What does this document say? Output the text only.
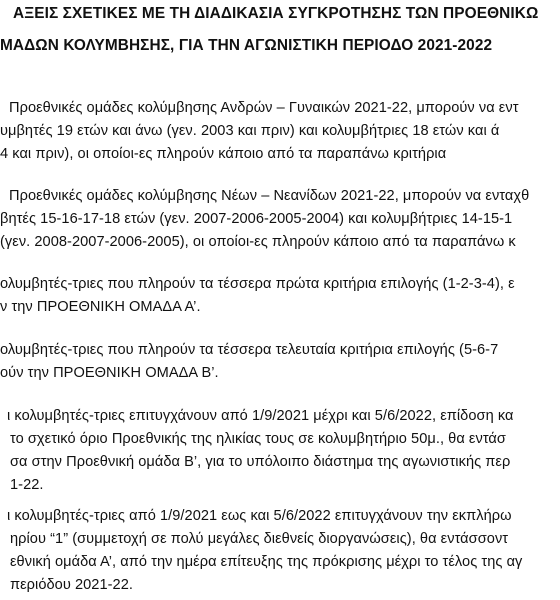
ΑΞΕΙΣ ΣΧΕΤΙΚΕΣ ΜΕ ΤΗ ΔΙΑΔΙΚΑΣΙΑ ΣΥΓΚΡΟΤΗΣΗΣ ΤΩΝ ΠΡΟΕΘΝΙΚΩ
ΜΑΔΩΝ ΚΟΛΥΜΒΗΣΗΣ, ΓΙΑ ΤΗΝ ΑΓΩΝΙΣΤΙΚΗ ΠΕΡΙΟΔΟ 2021-2022
Προεθνικές ομάδες κολύμβησης Ανδρών – Γυναικών 2021-22, μπορούν να εντ
υμβητές 19 ετών και άνω (γεν. 2003 και πριν) και κολυμβήτριες 18 ετών και ά
4 και πριν), οι οποίοι-ες πληρούν κάποιο από τα παραπάνω κριτήρια
Προεθνικές ομάδες κολύμβησης Νέων – Νεανίδων 2021-22, μπορούν να ενταχθ
βητές 15-16-17-18 ετών (γεν. 2007-2006-2005-2004) και κολυμβήτριες 14-15-1
(γεν. 2008-2007-2006-2005), οι οποίοι-ες πληρούν κάποιο από τα παραπάνω κ
ολυμβητές-τριες που πληρούν τα τέσσερα πρώτα κριτήρια επιλογής (1-2-3-4), ε
ν την ΠΡΟΕΘΝΙΚΗ ΟΜΑΔΑ Α’.
ολυμβητές-τριες που πληρούν τα τέσσερα τελευταία κριτήρια επιλογής (5-6-7
ούν την ΠΡΟΕΘΝΙΚΗ ΟΜΑΔΑ Β’.
ι κολυμβητές-τριες επιτυγχάνουν από 1/9/2021 μέχρι και 5/6/2022, επίδοση κα
το σχετικό όριο Προεθνικής της ηλικίας τους σε κολυμβητήριο 50μ., θα εντάσ
σα στην Προεθνική ομάδα Β’, για το υπόλοιπο διάστημα της αγωνιστικής περ
1-22.
ι κολυμβητές-τριες από 1/9/2021 εως και 5/6/2022 επιτυγχάνουν την εκπλήρω
ηρίου “1” (συμμετοχή σε πολύ μεγάλες διεθνείς διοργανώσεις), θα εντάσσοντ
εθνική ομάδα Α’, από την ημέρα επίτευξης της πρόκρισης μέχρι το τέλος της αγ
περιόδου 2021-22.
